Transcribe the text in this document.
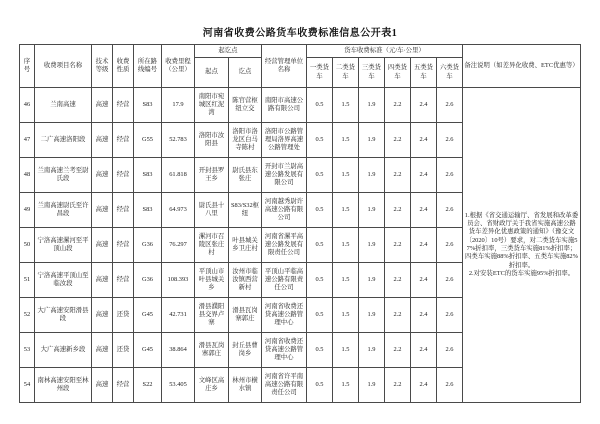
河南省收费公路货车收费标准信息公开表1
序号	收费项目名称	技术等级	收费性质	所在路线编号	收费里程（公里）	起讫点		经营管理单位名称	货车收费标准（元/车·公里）						备注说明（如差异化收费、ETC优惠等）
						起点	讫点		一类货车	二类货车	三类货车	四类货车	五类货车	六类货车	
46	兰南高速	高速	经营	S83	17.9	南阳市宛城区红泥湾	陈官营枢纽立交	南阳市高速公路有限公司	0.5	1.5	1.9	2.2	2.4	2.6	1.根据《省交通运输厅、省发展和改革委员会、省财政厅关于我省实施高速公路货车差异化优惠政策的通知》（豫交文〔2020〕10号）要求，对二类货车实施57%折扣率，三类货车实施81%折扣率；四类车实施88%折扣率、五类车实施82%折扣率。
2.对安装ETC的货车实施95%折扣率。

47	二广高速洛阳段	高速	经营	G55	52.783	洛阳市汝阳县	洛阳市洛龙区白马寺陈村	洛阳市公路管理局洛界高速公路管理处	0.5	1.5	1.9	2.2	2.4	2.6	
48	兰南高速兰考至尉氏段	高速	经营	S83	61.818	开封县罗王乡	尉氏县东张庄	开封市兰尉高速公路发展有限公司	0.5	1.5	1.9	2.2	2.4	2.6	
49	兰南高速尉氏至许昌段	高速	经营	S83	64.973	尉氏县十八里	S83/S32枢纽	河南越秀尉许高速公路有限公司	0.5	1.5	1.9	2.2	2.4	2.6	
50	宁洛高速漯河至平顶山段	高速	经营	G36	76.297	漯河市召陵区张庄村	叶县城关乡卫庄村	河南省漯平高速公路发展有限责任公司	0.5	1.5	1.9	2.2	2.4	2.6	
51	宁洛高速平顶山至临汝段	高速	经营	G36	108.393	平顶山市叶县城关乡	汝州市临汝镇西营新村	平顶山平临高速公路有限责任公司	0.5	1.5	1.9	2.2	2.4	2.6	
52	大广高速安阳滑县段	高速	还贷	G45	42.731	滑县濮阳县交界卢寨	滑县瓦岗寨郭庄	河南省收费还贷高速公路管理中心	0.5	1.5	1.9	2.2	2.4	2.6	
53	大广高速新乡段	高速	还贷	G45	38.864	滑县瓦岗寨郭庄	封丘县曹岗乡	河南省收费还贷高速公路管理中心	0.5	1.5	1.9	2.2	2.4	2.6	
54	南林高速安阳至林州段	高速	经营	S22	53.405	文峰区高庄乡	林州市横水镇	河南省许平南高速公路有限责任公司	0.5	1.5	1.9	2.2	2.4	2.6	
